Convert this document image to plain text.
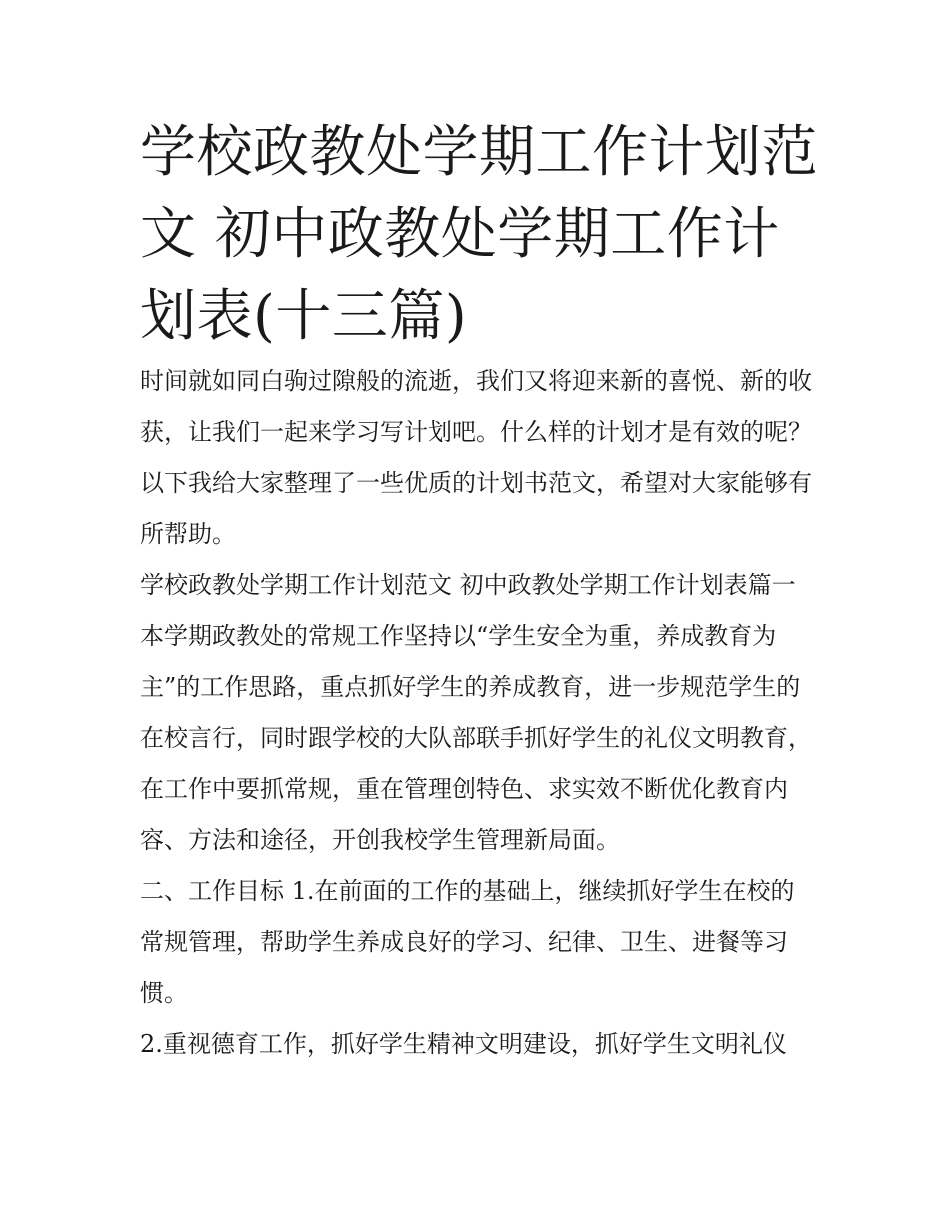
学校政教处学期工作计划范文 初中政教处学期工作计划表(十三篇)

时间就如同白驹过隙般的流逝，我们又将迎来新的喜悦、新的收获，让我们一起来学习写计划吧。什么样的计划才是有效的呢？以下我给大家整理了一些优质的计划书范文，希望对大家能够有所帮助。

学校政教处学期工作计划范文 初中政教处学期工作计划表篇一

本学期政教处的常规工作坚持以“学生安全为重，养成教育为主”的工作思路，重点抓好学生的养成教育，进一步规范学生的在校言行，同时跟学校的大队部联手抓好学生的礼仪文明教育，在工作中要抓常规，重在管理创特色、求实效不断优化教育内容、方法和途径，开创我校学生管理新局面。

二、工作目标 1.在前面的工作的基础上，继续抓好学生在校的常规管理，帮助学生养成良好的学习、纪律、卫生、进餐等习惯。

2.重视德育工作，抓好学生精神文明建设，抓好学生文明礼仪
